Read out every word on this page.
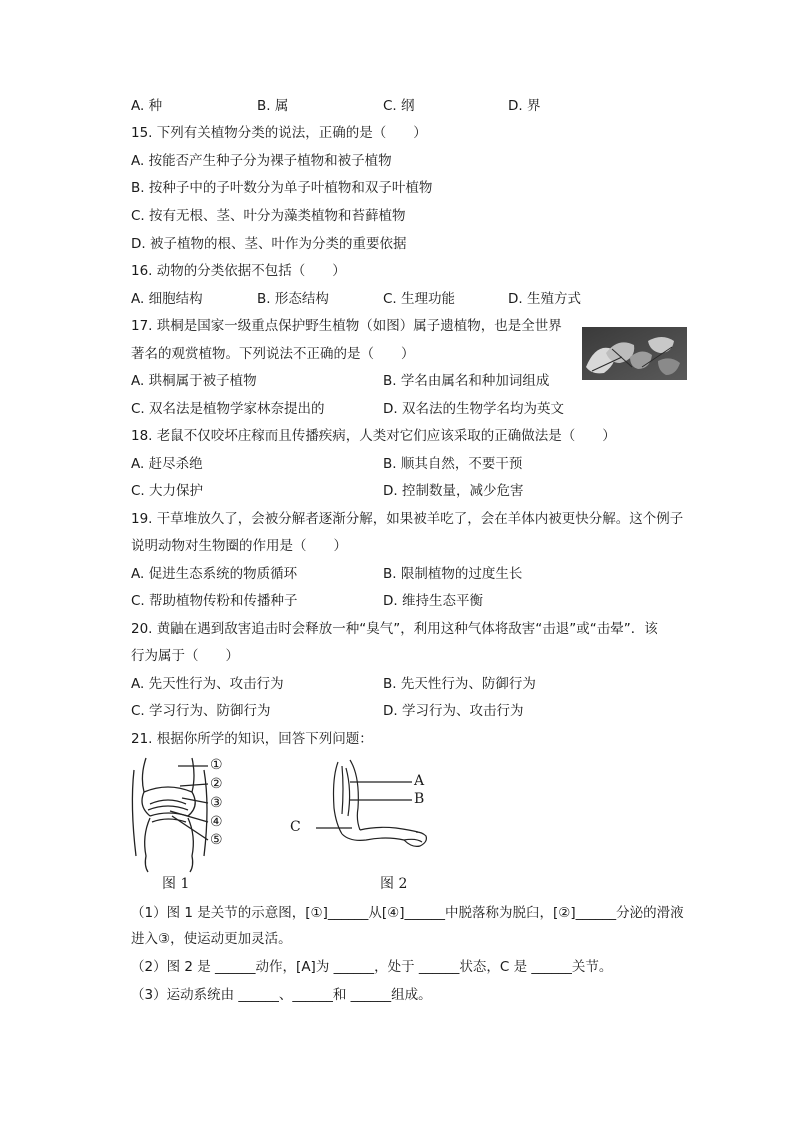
A. 种	B. 属	C. 纲	D. 界
15. 下列有关植物分类的说法，正确的是（　　）
A. 按能否产生种子分为裸子植物和被子植物
B. 按种子中的子叶数分为单子叶植物和双子叶植物
C. 按有无根、茎、叶分为藻类植物和苔藓植物
D. 被子植物的根、茎、叶作为分类的重要依据
16. 动物的分类依据不包括（　　）
A. 细胞结构	B. 形态结构	C. 生理功能	D. 生殖方式
17. 珙桐是国家一级重点保护野生植物（如图）属子遗植物，也是全世界
著名的观赏植物。下列说法不正确的是（　　）
A. 珙桐属于被子植物	B. 学名由属名和种加词组成
C. 双名法是植物学家林奈提出的	D. 双名法的生物学名均为英文
18. 老鼠不仅咬坏庄稼而且传播疾病，人类对它们应该采取的正确做法是（　　）
A. 赶尽杀绝	B. 顺其自然，不要干预
C. 大力保护	D. 控制数量，减少危害
19. 干草堆放久了，会被分解者逐渐分解，如果被羊吃了，会在羊体内被更快分解。这个例子
说明动物对生物圈的作用是（　　）
A. 促进生态系统的物质循环	B. 限制植物的过度生长
C. 帮助植物传粉和传播种子	D. 维持生态平衡
20. 黄鼬在遇到敌害追击时会释放一种“臭气”，利用这种气体将敌害“击退”或“击晕”．该
行为属于（　　）
A. 先天性行为、攻击行为	B. 先天性行为、防御行为
C. 学习行为、防御行为	D. 学习行为、攻击行为
21. 根据你所学的知识，回答下列问题：
①
②
③
④
⑤
图 1
A
B
C
图 2
（1）图 1 是关节的示意图，[①]______从[④]______中脱落称为脱臼，[②]______分泌的滑液
进入③，使运动更加灵活。
（2）图 2 是 ______动作，[A]为 ______，处于 ______状态，C 是 ______关节。
（3）运动系统由 ______、______和 ______组成。
